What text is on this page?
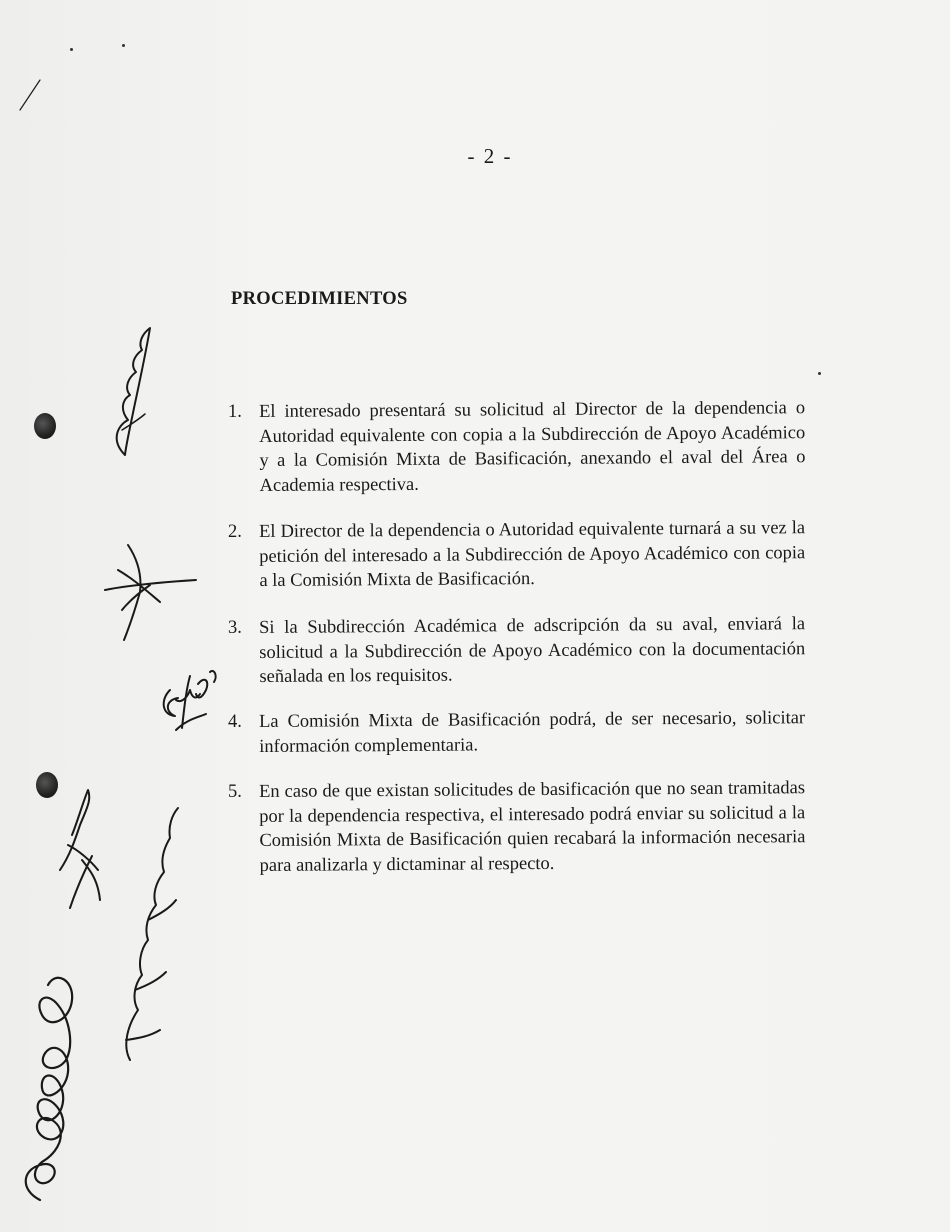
- 2 -
PROCEDIMIENTOS
1. El interesado presentará su solicitud al Director de la dependencia o Autoridad equivalente con copia a la Subdirección de Apoyo Académico y a la Comisión Mixta de Basificación, anexando el aval del Área o Academia respectiva.
2. El Director de la dependencia o Autoridad equivalente turnará a su vez la petición del interesado a la Subdirección de Apoyo Académico con copia a la Comisión Mixta de Basificación.
3. Si la Subdirección Académica de adscripción da su aval, enviará la solicitud a la Subdirección de Apoyo Académico con la documentación señalada en los requisitos.
4. La Comisión Mixta de Basificación podrá, de ser necesario, solicitar información complementaria.
5. En caso de que existan solicitudes de basificación que no sean tramitadas por la dependencia respectiva, el interesado podrá enviar su solicitud a la Comisión Mixta de Basificación quien recabará la información necesaria para analizarla y dictaminar al respecto.
